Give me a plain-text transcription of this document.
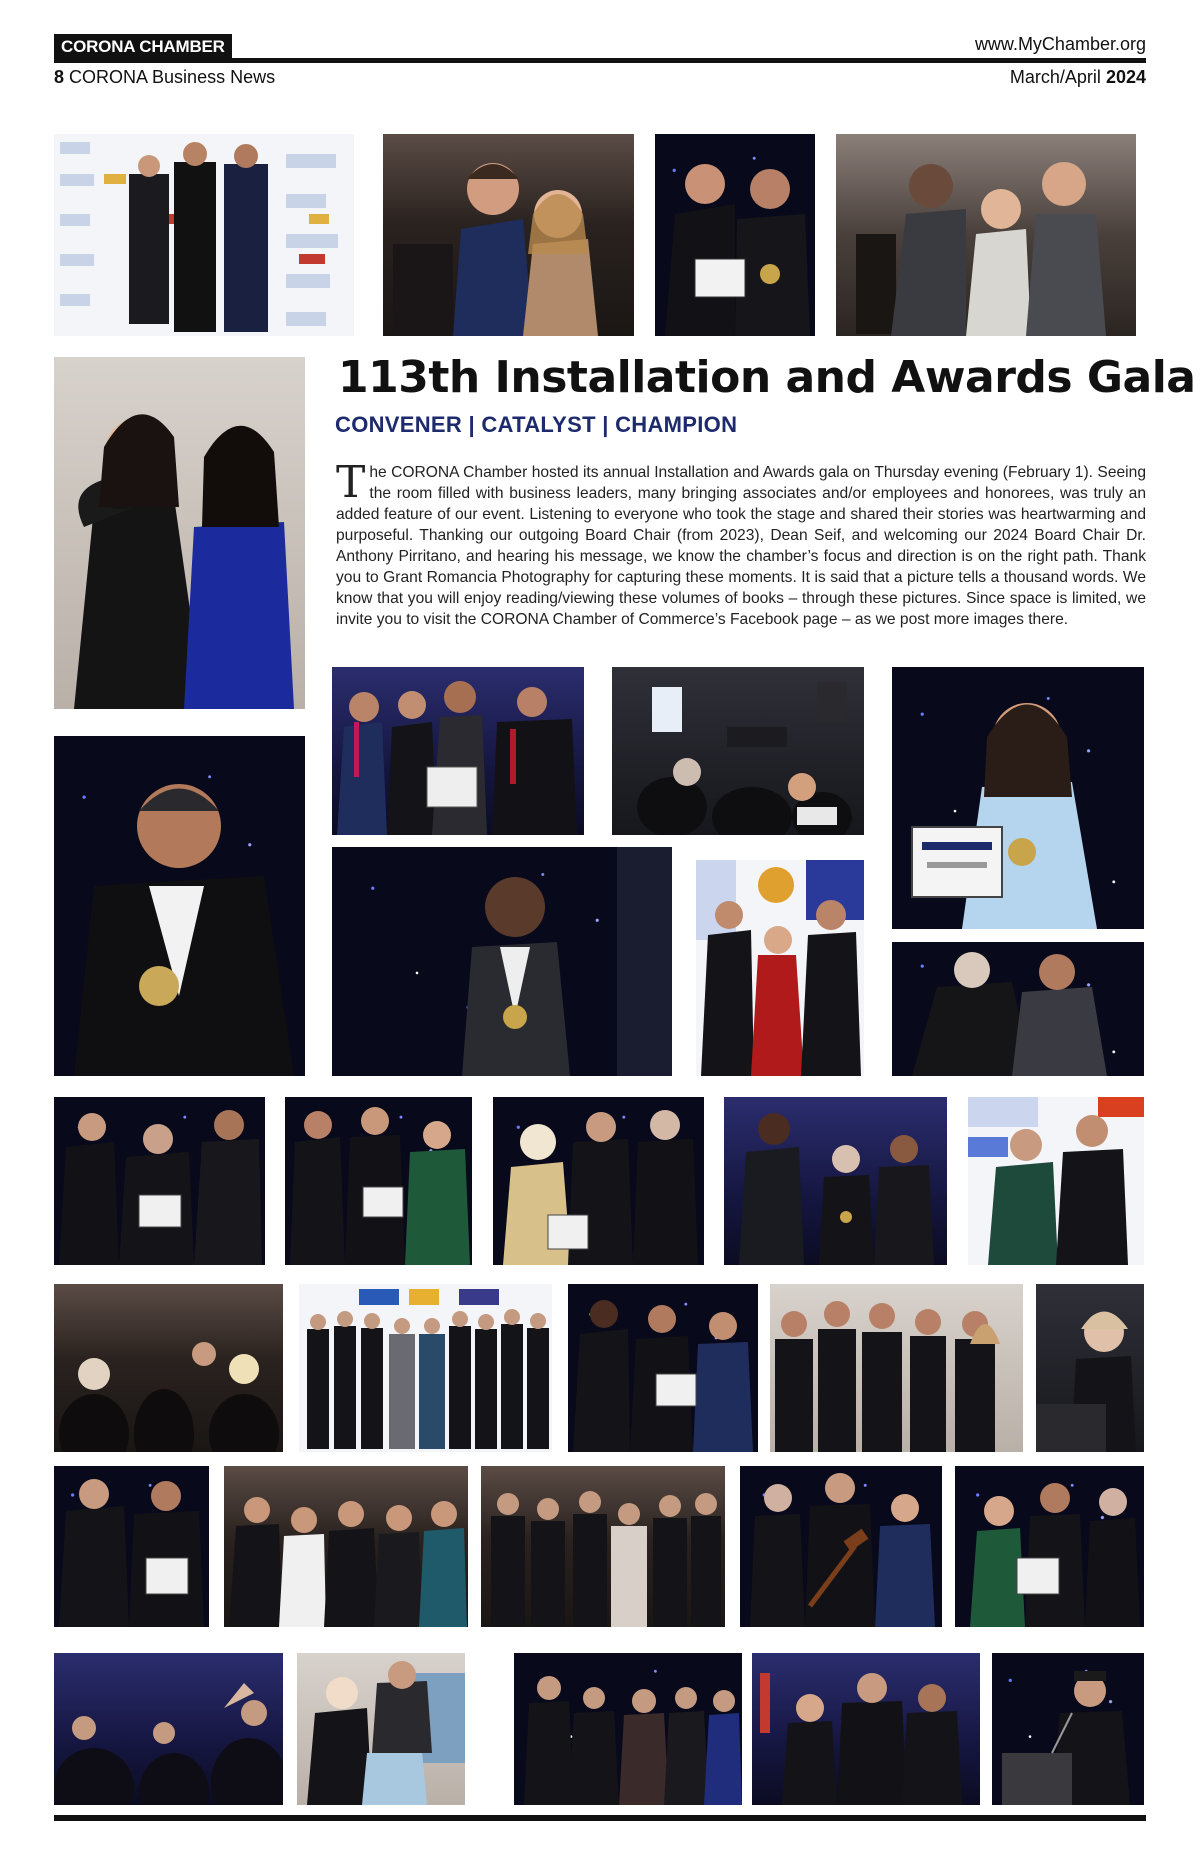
CORONA CHAMBER	www.MyChamber.org
8 CORONA Business News	March/April 2024
113th Installation and Awards Gala
CONVENER | CATALYST | CHAMPION
The CORONA Chamber hosted its annual Installation and Awards gala on Thursday evening (February 1). Seeing the room filled with business leaders, many bringing associates and/or employees and honorees, was truly an added feature of our event. Listening to everyone who took the stage and shared their stories was heartwarming and purposeful. Thanking our outgoing Board Chair (from 2023), Dean Seif, and welcoming our 2024 Board Chair Dr. Anthony Pirritano, and hearing his message, we know the chamber’s focus and direction is on the right path. Thank you to Grant Romancia Photography for capturing these moments. It is said that a picture tells a thousand words. We know that you will enjoy reading/viewing these volumes of books – through these pictures. Since space is limited, we invite you to visit the CORONA Chamber of Commerce’s Facebook page – as we post more images there.
